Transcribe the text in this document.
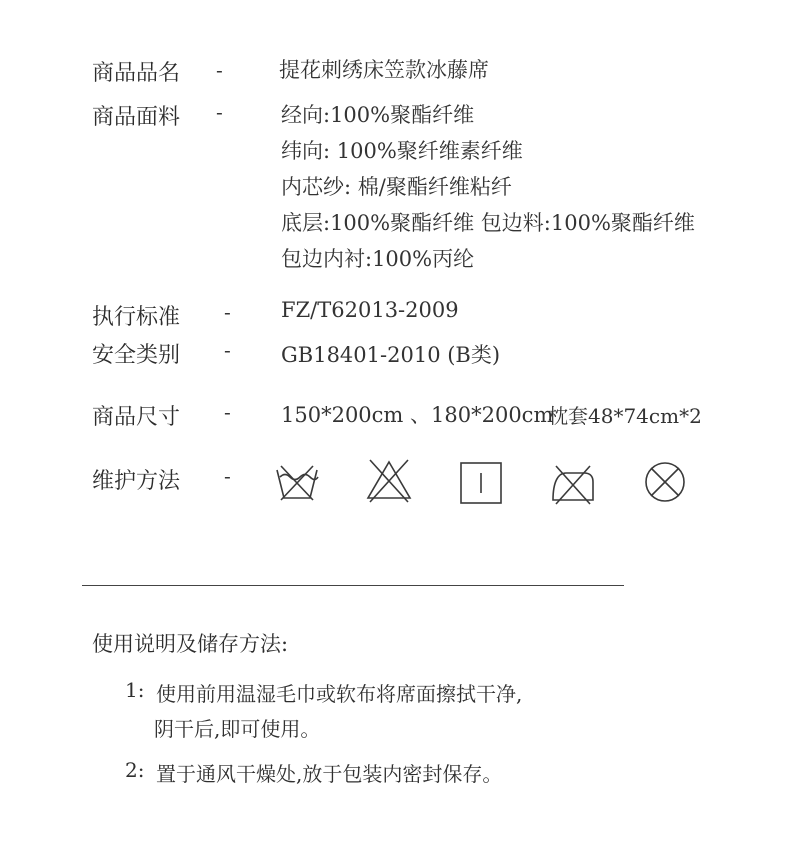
商品品名 -	提花刺绣床笠款冰藤席
商品面料 -	经向:100%聚酯纤维
纬向: 100%聚纤维素纤维
内芯纱: 棉/聚酯纤维粘纤
底层:100%聚酯纤维 包边料:100%聚酯纤维
包边内衬:100%丙纶
执行标准 - FZ/T62013-2009
安全类别 - GB18401-2010 (B类)
商品尺寸 - 150*200cm 、180*200cm
枕套48*74cm*2
维护方法 -
使用说明及储存方法:
1: 使用前用温湿毛巾或软布将席面擦拭干净,
阴干后,即可使用。
2: 置于通风干燥处,放于包装内密封保存。
